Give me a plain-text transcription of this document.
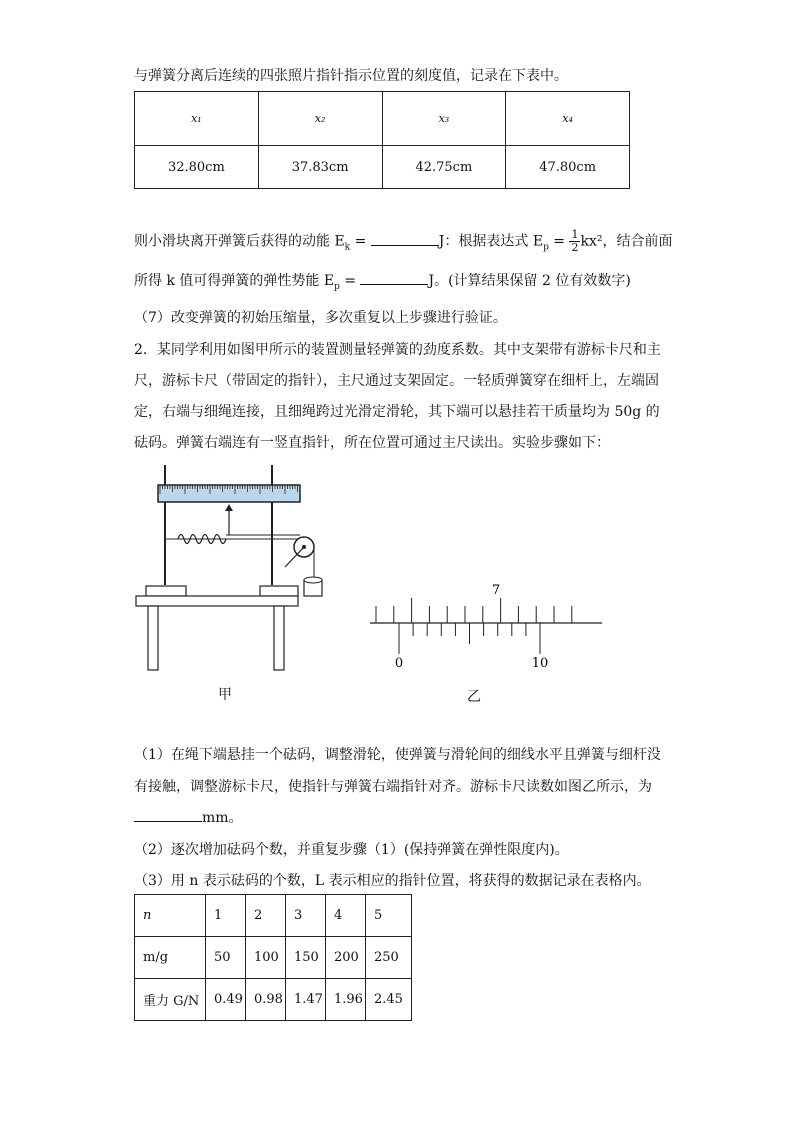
与弹簧分离后连续的四张照片指针指示位置的刻度值，记录在下表中。
x₁	x₂	x₃	x₄
32.80cm	37.83cm	42.75cm	47.80cm
则小滑块离开弹簧后获得的动能 $E_k$ =	J：根据表达式 $E_p = \frac{1}{2} kx^2$，结合前面
所得 k 值可得弹簧的弹性势能 $E_p$ =	J。(计算结果保留 2 位有效数字)
（7）改变弹簧的初始压缩量，多次重复以上步骤进行验证。
2．某同学利用如图甲所示的装置测量轻弹簧的劲度系数。其中支架带有游标卡尺和主
尺，游标卡尺（带固定的指针），主尺通过支架固定。一轻质弹簧穿在细杆上，左端固
定，右端与细绳连接，且细绳跨过光滑定滑轮，其下端可以悬挂若干质量均为 50g 的
砝码。弹簧右端连有一竖直指针，所在位置可通过主尺读出。实验步骤如下：
甲
7
0	10
乙
（1）在绳下端悬挂一个砝码，调整滑轮，使弹簧与滑轮间的细线水平且弹簧与细杆没
有接触，调整游标卡尺，使指针与弹簧右端指针对齐。游标卡尺读数如图乙所示，为
mm。
（2）逐次增加砝码个数，并重复步骤（1）(保持弹簧在弹性限度内)。
（3）用 n 表示砝码的个数，L 表示相应的指针位置，将获得的数据记录在表格内。
n	1	2	3	4	5
m/g	50	100	150	200	250
重力 G/N	0.49	0.98	1.47	1.96	2.45
